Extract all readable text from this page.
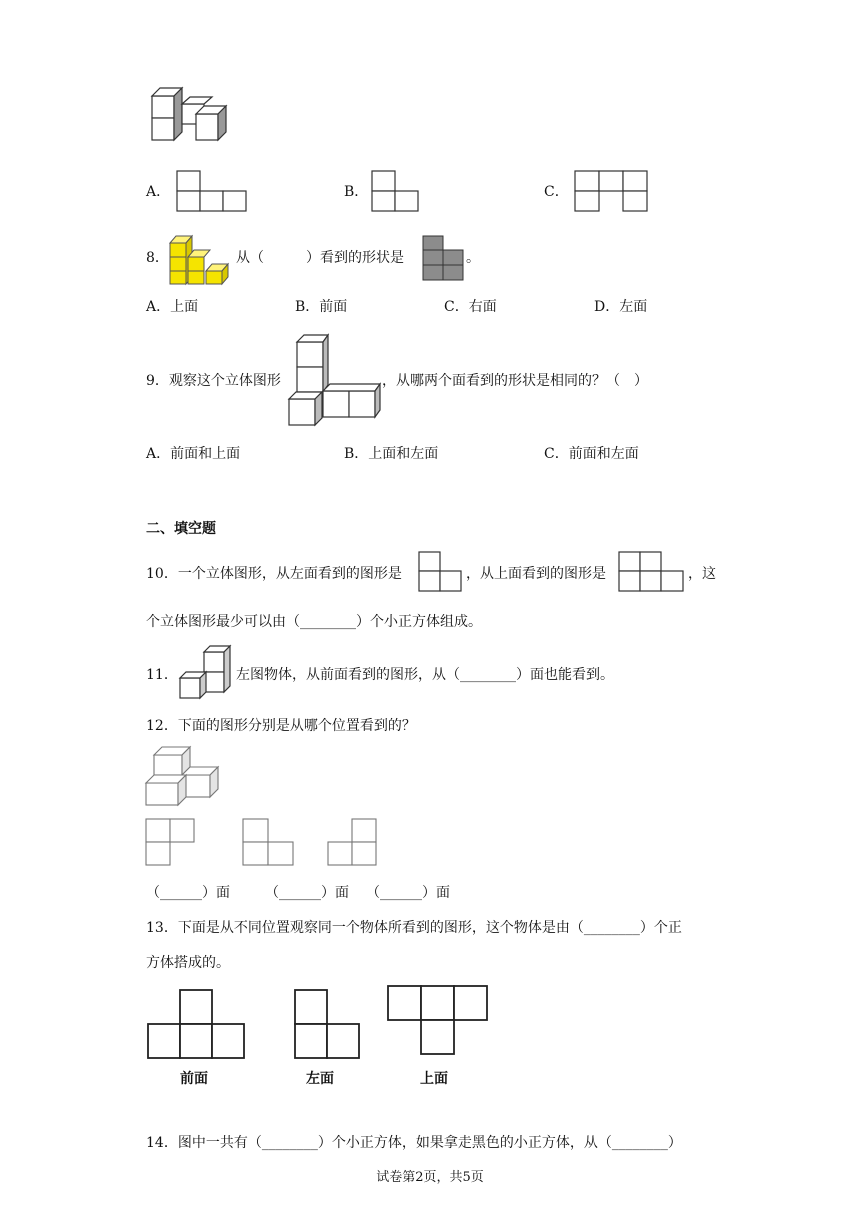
A．	B．	C．
8．	从（　　　）看到的形状是	。
A．上面	B．前面	C．右面	D．左面
9．观察这个立体图形	，从哪两个面看到的形状是相同的？（　）
A．前面和上面	B．上面和左面	C．前面和左面
二、填空题
10．一个立体图形，从左面看到的图形是	，从上面看到的图形是	，这
个立体图形最少可以由（________）个小正方体组成。
11．	左图物体，从前面看到的图形，从（________）面也能看到。
12．下面的图形分别是从哪个位置看到的？
（______）面	（______）面 （______）面
13．下面是从不同位置观察同一个物体所看到的图形，这个物体是由（________）个正
方体搭成的。
前面	左面	上面
14．图中一共有（________）个小正方体，如果拿走黑色的小正方体，从（________）
试卷第2页，共5页
